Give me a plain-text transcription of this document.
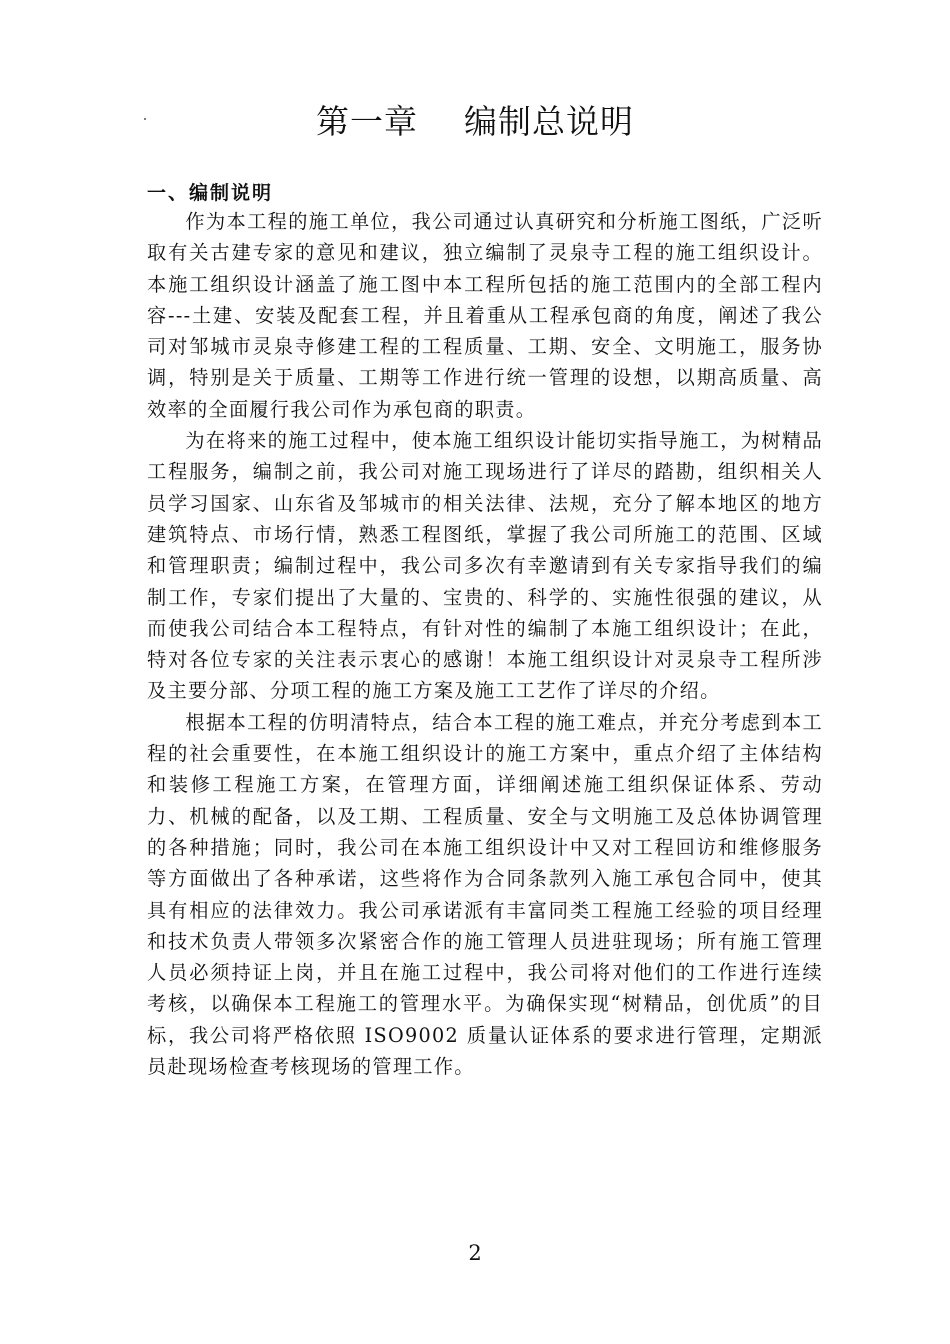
第一章    编制总说明
一、编制说明

作为本工程的施工单位，我公司通过认真研究和分析施工图纸，广泛听取有关古建专家的意见和建议，独立编制了灵泉寺工程的施工组织设计。本施工组织设计涵盖了施工图中本工程所包括的施工范围内的全部工程内容---土建、安装及配套工程，并且着重从工程承包商的角度，阐述了我公司对邹城市灵泉寺修建工程的工程质量、工期、安全、文明施工，服务协调，特别是关于质量、工期等工作进行统一管理的设想，以期高质量、高效率的全面履行我公司作为承包商的职责。

为在将来的施工过程中，使本施工组织设计能切实指导施工，为树精品工程服务，编制之前，我公司对施工现场进行了详尽的踏勘，组织相关人员学习国家、山东省及邹城市的相关法律、法规，充分了解本地区的地方建筑特点、市场行情，熟悉工程图纸，掌握了我公司所施工的范围、区域和管理职责；编制过程中，我公司多次有幸邀请到有关专家指导我们的编制工作，专家们提出了大量的、宝贵的、科学的、实施性很强的建议，从而使我公司结合本工程特点，有针对性的编制了本施工组织设计；在此，特对各位专家的关注表示衷心的感谢！本施工组织设计对灵泉寺工程所涉及主要分部、分项工程的施工方案及施工工艺作了详尽的介绍。

根据本工程的仿明清特点，结合本工程的施工难点，并充分考虑到本工程的社会重要性，在本施工组织设计的施工方案中，重点介绍了主体结构和装修工程施工方案，在管理方面，详细阐述施工组织保证体系、劳动力、机械的配备，以及工期、工程质量、安全与文明施工及总体协调管理的各种措施；同时，我公司在本施工组织设计中又对工程回访和维修服务等方面做出了各种承诺，这些将作为合同条款列入施工承包合同中，使其具有相应的法律效力。我公司承诺派有丰富同类工程施工经验的项目经理和技术负责人带领多次紧密合作的施工管理人员进驻现场；所有施工管理人员必须持证上岗，并且在施工过程中，我公司将对他们的工作进行连续考核，以确保本工程施工的管理水平。为确保实现“树精品，创优质”的目标，我公司将严格依照 ISO9002 质量认证体系的要求进行管理，定期派员赴现场检查考核现场的管理工作。

2
